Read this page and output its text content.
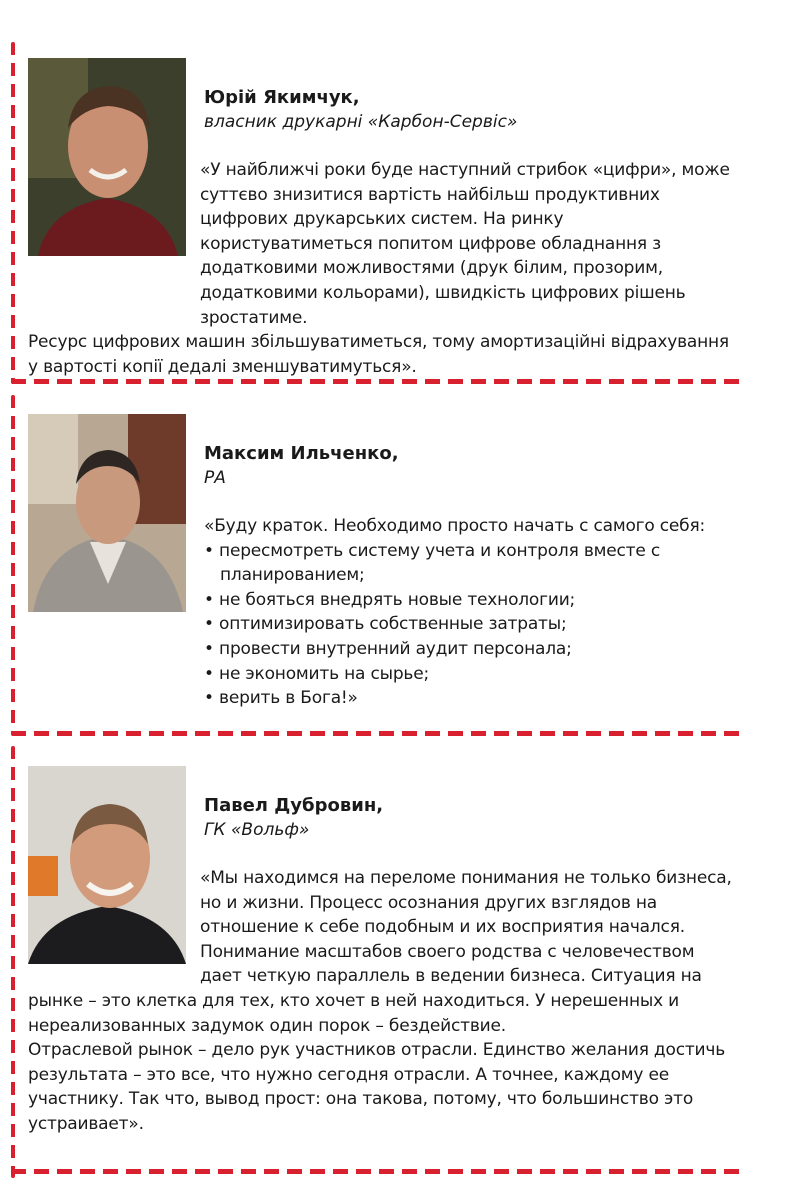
Юрій Якимчук,
власник друкарні «Карбон-Сервіс»

«У найближчі роки буде наступний стрибок «цифри», може суттєво знизитися вартість найбільш продуктивних цифрових друкарських систем. На ринку користуватиметься попитом цифрове обладнання з додатковими можливостями (друк білим, прозорим, додатковими кольорами), швидкість цифрових рішень зростатиме.

Ресурс цифрових машин збільшуватиметься, тому амортизаційні відрахування у вартості копії дедалі зменшуватимуться».

Максим Ильченко,
РА

«Буду краток. Необходимо просто начать с самого себя:

• пересмотреть систему учета и контроля вместе с планированием;

• не бояться внедрять новые технологии;

• оптимизировать собственные затраты;

• провести внутренний аудит персонала;

• не экономить на сырье;

• верить в Бога!»

Павел Дубровин,
ГК «Вольф»

«Мы находимся на переломе понимания не только бизнеса, но и жизни. Процесс осознания других взглядов на отношение к себе подобным и их восприятия начался. Понимание масштабов своего родства с человечеством дает четкую параллель в ведении бизнеса. Ситуация на рынке – это клетка для тех, кто хочет в ней находиться. У нерешенных и нереализованных задумок один порок – бездействие.

Отраслевой рынок – дело рук участников отрасли. Единство желания достичь результата – это все, что нужно сегодня отрасли. А точнее, каждому ее участнику. Так что, вывод прост: она такова, потому, что большинство это устраивает».
